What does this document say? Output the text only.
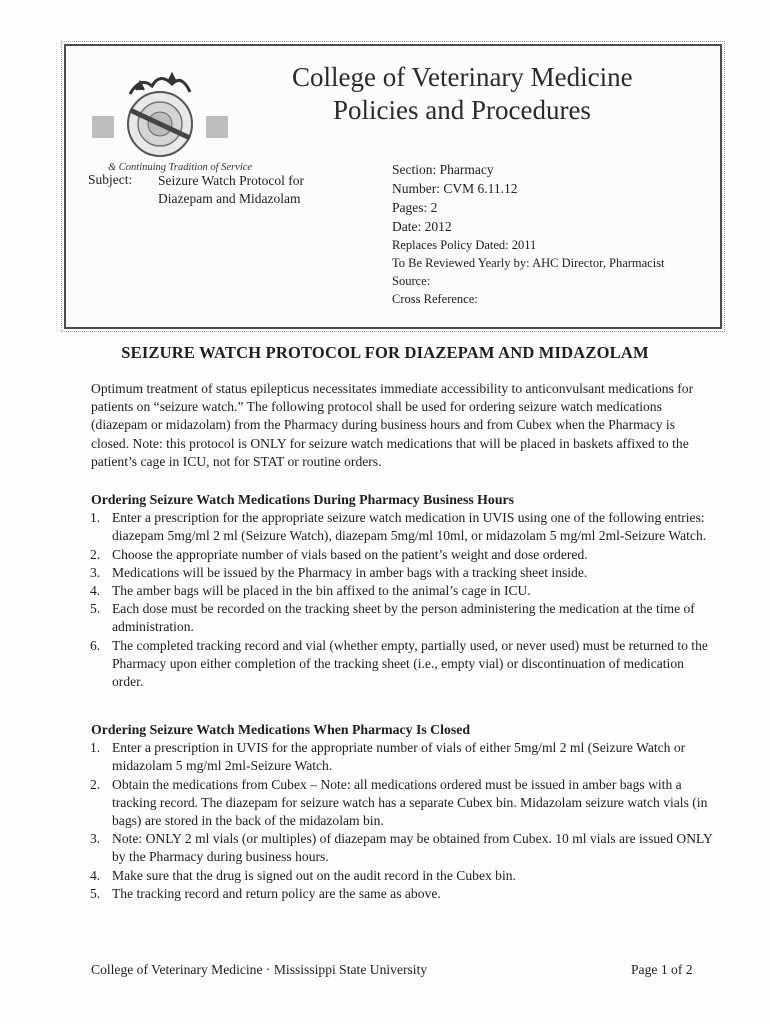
& Continuing Tradition of Service
College of Veterinary Medicine
Policies and Procedures
Subject: Seizure Watch Protocol for Diazepam and Midazolam
Section: Pharmacy
Number: CVM 6.11.12
Pages: 2
Date: 2012
Replaces Policy Dated: 2011
To Be Reviewed Yearly by: AHC Director, Pharmacist
Source:
Cross Reference:
SEIZURE WATCH PROTOCOL FOR DIAZEPAM AND MIDAZOLAM
Optimum treatment of status epilepticus necessitates immediate accessibility to anticonvulsant medications for patients on “seizure watch.” The following protocol shall be used for ordering seizure watch medications (diazepam or midazolam) from the Pharmacy during business hours and from Cubex when the Pharmacy is closed. Note: this protocol is ONLY for seizure watch medications that will be placed in baskets affixed to the patient’s cage in ICU, not for STAT or routine orders.
Ordering Seizure Watch Medications During Pharmacy Business Hours
1. Enter a prescription for the appropriate seizure watch medication in UVIS using one of the following entries: diazepam 5mg/ml 2 ml (Seizure Watch), diazepam 5mg/ml 10ml, or midazolam 5 mg/ml 2ml-Seizure Watch.
2. Choose the appropriate number of vials based on the patient’s weight and dose ordered.
3. Medications will be issued by the Pharmacy in amber bags with a tracking sheet inside.
4. The amber bags will be placed in the bin affixed to the animal’s cage in ICU.
5. Each dose must be recorded on the tracking sheet by the person administering the medication at the time of administration.
6. The completed tracking record and vial (whether empty, partially used, or never used) must be returned to the Pharmacy upon either completion of the tracking sheet (i.e., empty vial) or discontinuation of medication order.
Ordering Seizure Watch Medications When Pharmacy Is Closed
1. Enter a prescription in UVIS for the appropriate number of vials of either 5mg/ml 2 ml (Seizure Watch or midazolam 5 mg/ml 2ml-Seizure Watch.
2. Obtain the medications from Cubex – Note: all medications ordered must be issued in amber bags with a tracking record. The diazepam for seizure watch has a separate Cubex bin. Midazolam seizure watch vials (in bags) are stored in the back of the midazolam bin.
3. Note: ONLY 2 ml vials (or multiples) of diazepam may be obtained from Cubex. 10 ml vials are issued ONLY by the Pharmacy during business hours.
4. Make sure that the drug is signed out on the audit record in the Cubex bin.
5. The tracking record and return policy are the same as above.
College of Veterinary Medicine · Mississippi State University	Page 1 of 2
